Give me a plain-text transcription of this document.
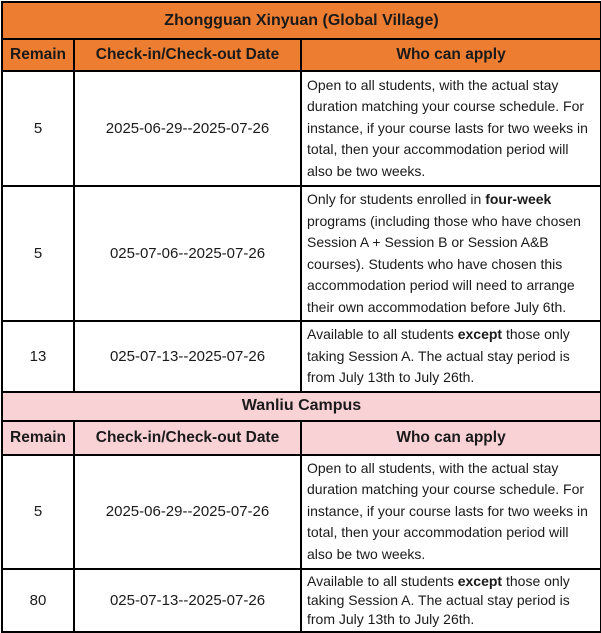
Zhongguan Xinyuan (Global Village)		
Remain	Check-in/Check-out Date	Who can apply
5	2025-06-29--2025-07-26	Open to all students, with the actual stay duration matching your course schedule. For instance, if your course lasts for two weeks in total, then your accommodation period will also be two weeks.
5	025-07-06--2025-07-26	Only for students enrolled in four-week programs (including those who have chosen Session A + Session B or Session A&B courses). Students who have chosen this accommodation period will need to arrange their own accommodation before July 6th.
13	025-07-13--2025-07-26	Available to all students except those only taking Session A. The actual stay period is from July 13th to July 26th.
Wanliu Campus		
Remain	Check-in/Check-out Date	Who can apply
5	2025-06-29--2025-07-26	Open to all students, with the actual stay duration matching your course schedule. For instance, if your course lasts for two weeks in total, then your accommodation period will also be two weeks.
80	025-07-13--2025-07-26	Available to all students except those only taking Session A. The actual stay period is from July 13th to July 26th.
